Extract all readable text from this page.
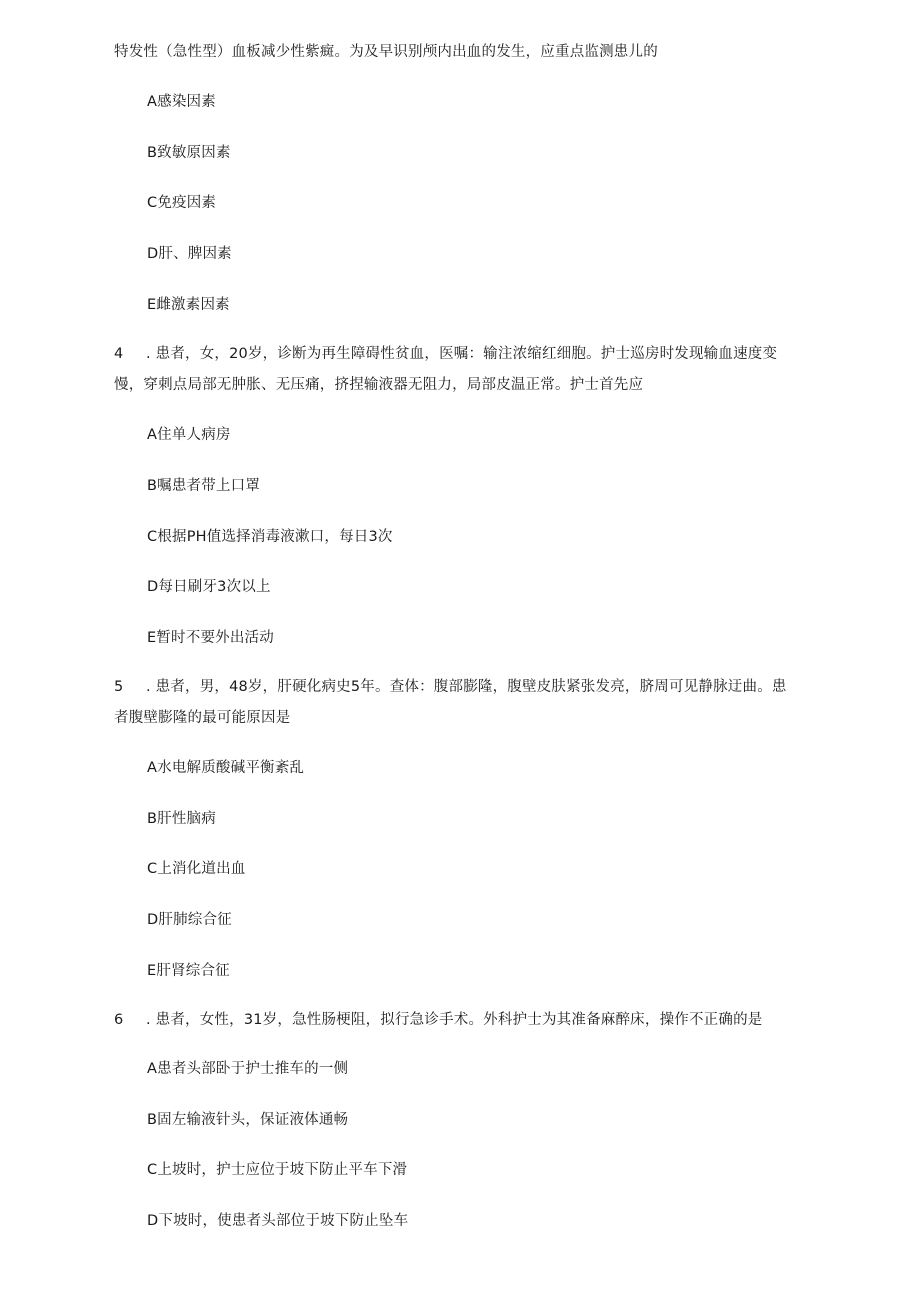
特发性（急性型）血板减少性紫癍。为及早识别颅内出血的发生，应重点监测患儿的
A感染因素
B致敏原因素
C免疫因素
D肝、脾因素
E雌激素因素
4 . 患者，女，20岁，诊断为再生障碍性贫血，医嘱：输注浓缩红细胞。护士巡房时发现输血速度变
慢，穿刺点局部无肿胀、无压痛，挤捏输液器无阻力，局部皮温正常。护士首先应
A住单人病房
B嘱患者带上口罩
C根据PH值选择消毒液漱口，每日3次
D每日刷牙3次以上
E暂时不要外出活动
5 . 患者，男，48岁，肝硬化病史5年。查体：腹部膨隆，腹壁皮肤紧张发亮，脐周可见静脉迂曲。患
者腹壁膨隆的最可能原因是
A水电解质酸碱平衡紊乱
B肝性脑病
C上消化道出血
D肝肺综合征
E肝肾综合征
6 . 患者，女性，31岁，急性肠梗阻，拟行急诊手术。外科护士为其准备麻醉床，操作不正确的是
A患者头部卧于护士推车的一侧
B固左输液针头，保证液体通畅
C上坡时，护士应位于坡下防止平车下滑
D下坡时，使患者头部位于坡下防止坠车
